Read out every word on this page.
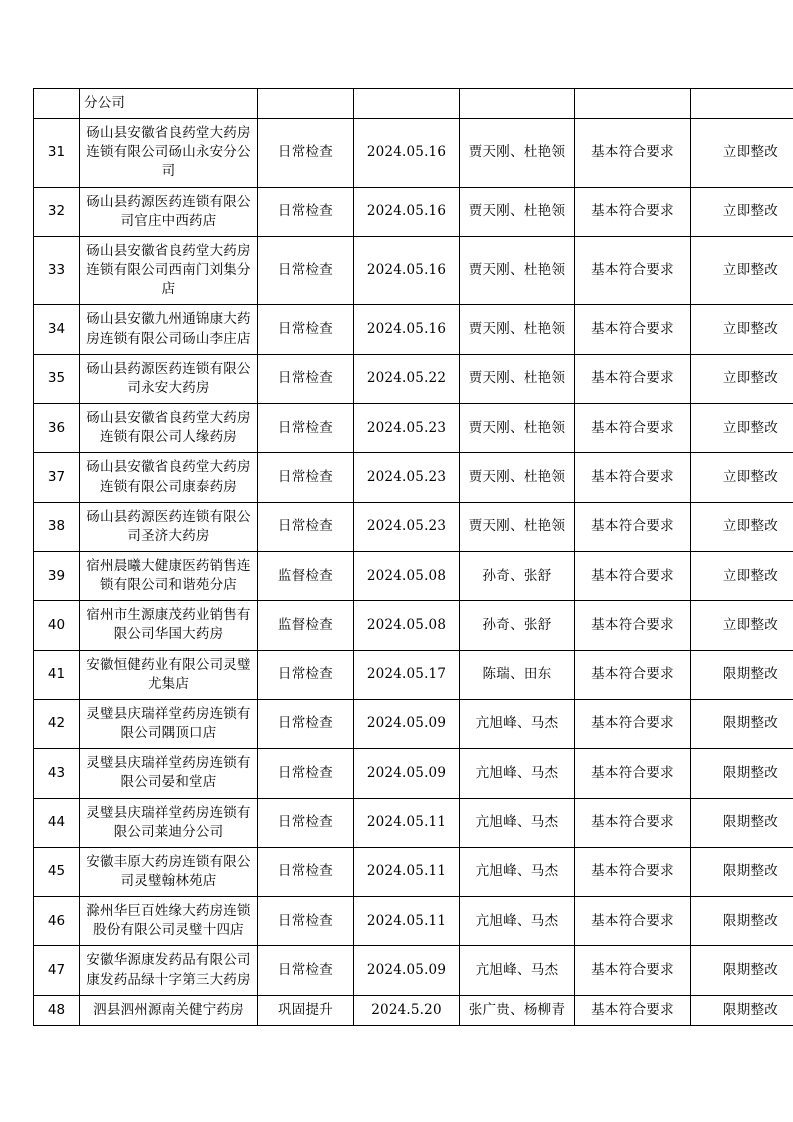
	分公司					
31	砀山县安徽省良药堂大药房连锁有限公司砀山永安分公司	日常检查	2024.05.16	贾天刚、杜艳领	基本符合要求	立即整改
32	砀山县药源医药连锁有限公司官庄中西药店	日常检查	2024.05.16	贾天刚、杜艳领	基本符合要求	立即整改
33	砀山县安徽省良药堂大药房连锁有限公司西南门刘集分店	日常检查	2024.05.16	贾天刚、杜艳领	基本符合要求	立即整改
34	砀山县安徽九州通锦康大药房连锁有限公司砀山李庄店	日常检查	2024.05.16	贾天刚、杜艳领	基本符合要求	立即整改
35	砀山县药源医药连锁有限公司永安大药房	日常检查	2024.05.22	贾天刚、杜艳领	基本符合要求	立即整改
36	砀山县安徽省良药堂大药房连锁有限公司人缘药房	日常检查	2024.05.23	贾天刚、杜艳领	基本符合要求	立即整改
37	砀山县安徽省良药堂大药房连锁有限公司康泰药房	日常检查	2024.05.23	贾天刚、杜艳领	基本符合要求	立即整改
38	砀山县药源医药连锁有限公司圣济大药房	日常检查	2024.05.23	贾天刚、杜艳领	基本符合要求	立即整改
39	宿州晨曦大健康医药销售连锁有限公司和谐苑分店	监督检查	2024.05.08	孙奇、张舒	基本符合要求	立即整改
40	宿州市生源康茂药业销售有限公司华国大药房	监督检查	2024.05.08	孙奇、张舒	基本符合要求	立即整改
41	安徽恒健药业有限公司灵璧尤集店	日常检查	2024.05.17	陈瑞、田东	基本符合要求	限期整改
42	灵璧县庆瑞祥堂药房连锁有限公司隅顶口店	日常检查	2024.05.09	亢旭峰、马杰	基本符合要求	限期整改
43	灵璧县庆瑞祥堂药房连锁有限公司晏和堂店	日常检查	2024.05.09	亢旭峰、马杰	基本符合要求	限期整改
44	灵璧县庆瑞祥堂药房连锁有限公司莱迪分公司	日常检查	2024.05.11	亢旭峰、马杰	基本符合要求	限期整改
45	安徽丰原大药房连锁有限公司灵璧翰林苑店	日常检查	2024.05.11	亢旭峰、马杰	基本符合要求	限期整改
46	滁州华巨百姓缘大药房连锁股份有限公司灵璧十四店	日常检查	2024.05.11	亢旭峰、马杰	基本符合要求	限期整改
47	安徽华源康发药品有限公司康发药品绿十字第三大药房	日常检查	2024.05.09	亢旭峰、马杰	基本符合要求	限期整改
48	泗县泗州源南关健宁药房	巩固提升	2024.5.20	张广贵、杨柳青	基本符合要求	限期整改
